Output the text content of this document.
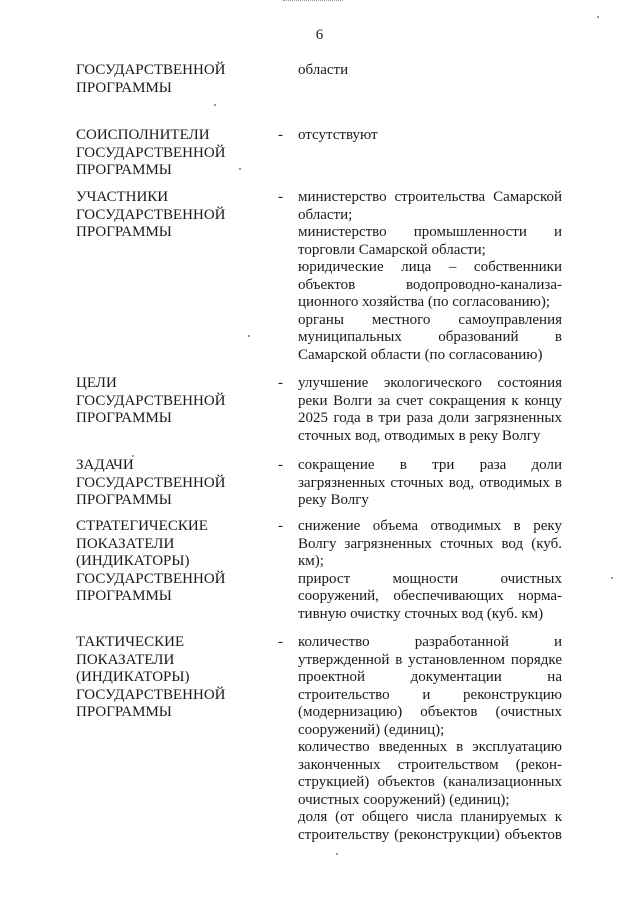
6
ГОСУДАРСТВЕННОЙ
ПРОГРАММЫ
области
СОИСПОЛНИТЕЛИ
ГОСУДАРСТВЕННОЙ
ПРОГРАММЫ
- отсутствуют
УЧАСТНИКИ
ГОСУДАРСТВЕННОЙ
ПРОГРАММЫ
- министерство строительства Самарской
области;
министерство промышленности и
торговли Самарской области;
юридические лица – собственники
объектов водопроводно-канализа-
ционного хозяйства (по согласованию);
органы местного самоуправления
муниципальных образований в
Самарской области (по согласованию)
ЦЕЛИ
ГОСУДАРСТВЕННОЙ
ПРОГРАММЫ
- улучшение экологического состояния
реки Волги за счет сокращения к концу
2025 года в три раза доли загрязненных
сточных вод, отводимых в реку Волгу
ЗАДАЧИ
ГОСУДАРСТВЕННОЙ
ПРОГРАММЫ
- сокращение в три раза доли
загрязненных сточных вод, отводимых в
реку Волгу
СТРАТЕГИЧЕСКИЕ
ПОКАЗАТЕЛИ
(ИНДИКАТОРЫ)
ГОСУДАРСТВЕННОЙ
ПРОГРАММЫ
- снижение объема отводимых в реку
Волгу загрязненных сточных вод (куб.
км);
прирост мощности очистных
сооружений, обеспечивающих норма-
тивную очистку сточных вод (куб. км)
ТАКТИЧЕСКИЕ
ПОКАЗАТЕЛИ
(ИНДИКАТОРЫ)
ГОСУДАРСТВЕННОЙ
ПРОГРАММЫ
- количество разработанной и
утвержденной в установленном порядке
проектной документации на
строительство и реконструкцию
(модернизацию) объектов (очистных
сооружений) (единиц);
количество введенных в эксплуатацию
законченных строительством (рекон-
струкцией) объектов (канализационных
очистных сооружений) (единиц);
доля (от общего числа планируемых к
строительству (реконструкции) объектов
